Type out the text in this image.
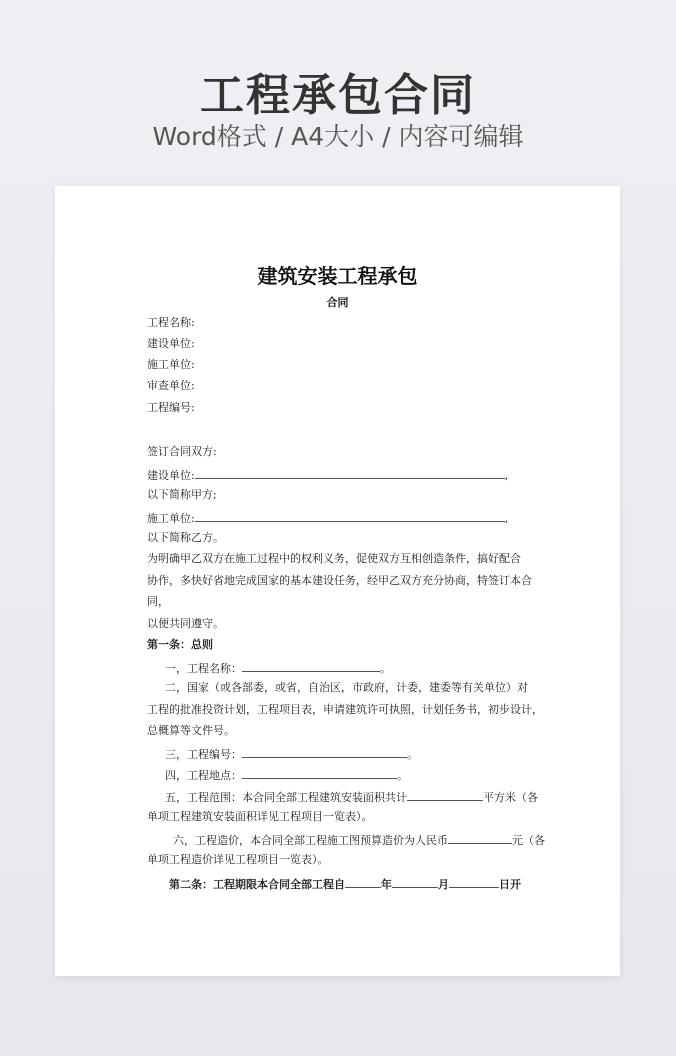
工程承包合同
Word格式 / A4大小 / 内容可编辑
建筑安装工程承包
合同
工程名称:
建设单位:
施工单位:
审查单位:
工程编号:
签订合同双方:
建设单位:	,
以下简称甲方;
施工单位:	,
以下简称乙方。
为明确甲乙双方在施工过程中的权利义务，促使双方互相创造条件，搞好配合
协作，多快好省地完成国家的基本建设任务，经甲乙双方充分协商，特签订本合
同，
以便共同遵守。
第一条：总则
一，工程名称：	。
二，国家（或各部委，或省，自治区，市政府，计委，建委等有关单位）对
工程的批准投资计划，工程项目表，申请建筑许可执照，计划任务书，初步设计，
总概算等文件号。
三，工程编号：	。
四，工程地点：	。
五，工程范围：本合同全部工程建筑安装面积共计	平方米（各
单项工程建筑安装面积详见工程项目一览表）。
六，工程造价，本合同全部工程施工图预算造价为人民币	元（各
单项工程造价详见工程项目一览表）。
第二条：工程期限本合同全部工程自	年	月	日开
